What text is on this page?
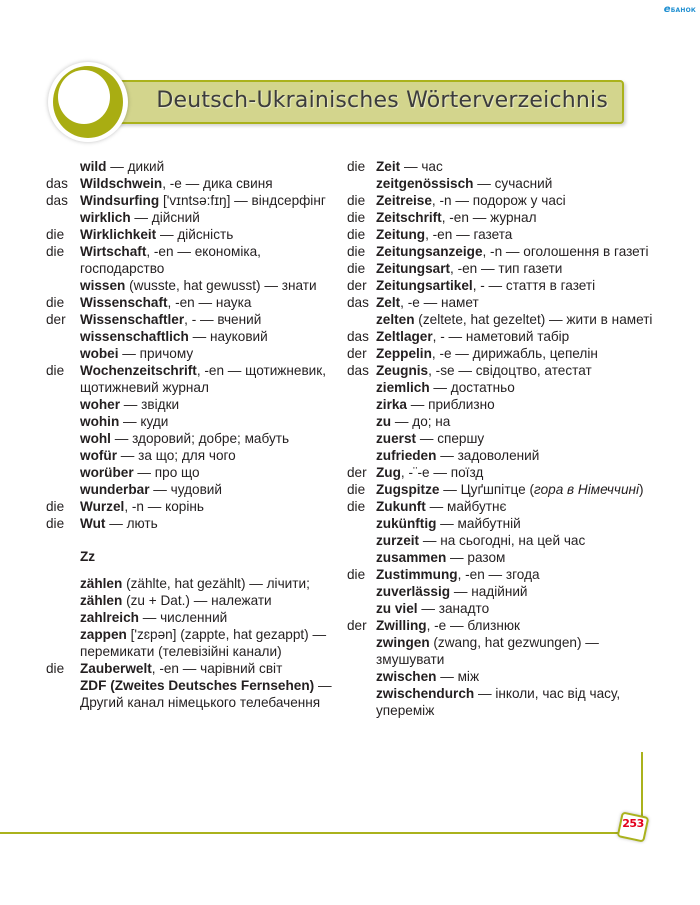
eБАНОК
Deutsch-Ukrainisches Wörterverzeichnis
wild — дикий
das Wildschwein, -e — дика свиня
das Windsurfing ['vɪntsə:fɪŋ] — віндсерфінг
wirklich — дійсний
die	Wirklichkeit — дійсність
die	Wirtschaft, -en — економіка, господарство
wissen (wusste, hat gewusst) — знати
die	Wissenschaft, -en — наука
der	Wissenschaftler, - — вчений
wissenschaftlich — науковий
wobei — причому
die	Wochenzeitschrift, -en — щотижневик, щотижневий журнал
woher — звідки
wohin — куди
wohl — здоровий; добре; мабуть
wofür — за що; для чого
worüber — про що
wunderbar — чудовий
die	Wurzel, -n — корінь
die	Wut — лють
Zz
zählen (zählte, hat gezählt) — лічити;
zählen (zu + Dat.) — належати
zahlreich — численний
zappen ['zɛpən] (zappte, hat gezappt) — перемикати (телевізійні канали)
die	Zauberwelt, -en — чарівний світ
ZDF (Zweites Deutsches Fernsehen) — Другий канал німецького телебачення
die Zeit — час
zeitgenössisch — сучасний
die Zeitreise, -n — подорож у часі
die Zeitschrift, -en — журнал
die Zeitung, -en — газета
die Zeitungsanzeige, -n — оголошення в газеті
die Zeitungsart, -en — тип газети
der Zeitungsartikel, - — стаття в газеті
das Zelt, -e — намет
zelten (zeltete, hat gezeltet) — жити в наметі
das Zeltlager, - — наметовий табір
der Zeppelin, -e — дирижабль, цепелін
das Zeugnis, -se — свідоцтво, атестат
ziemlich — достатньо
zirka — приблизно
zu — до; на
zuerst — спершу
zufrieden — задоволений
der Zug, -¨-e — поїзд
die Zugspitze — Цуґшпітце (гора в Німеччині)
die Zukunft — майбутнє
zukünftig — майбутній
zurzeit — на сьогодні, на цей час
zusammen — разом
die Zustimmung, -en — згода
zuverlässig — надійний
zu viel — занадто
der Zwilling, -e — близнюк
zwingen (zwang, hat gezwungen) — змушувати
zwischen — між
zwischendurch — інколи, час від часу, упереміж
253
